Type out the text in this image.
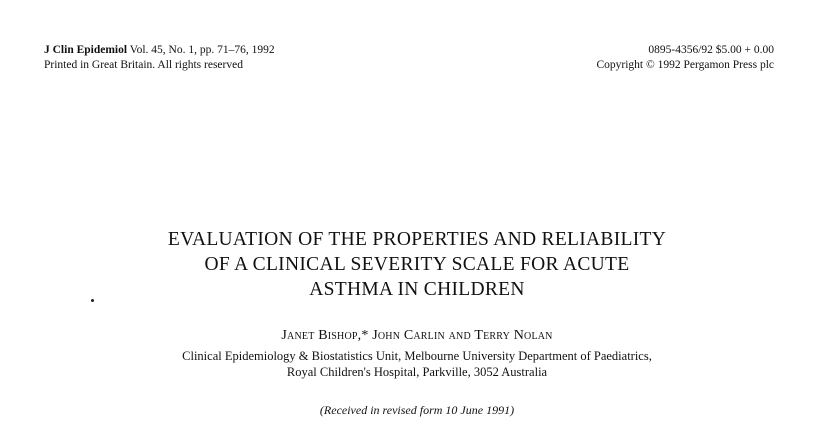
J Clin Epidemiol Vol. 45, No. 1, pp. 71–76, 1992
Printed in Great Britain. All rights reserved
0895-4356/92 $5.00 + 0.00
Copyright © 1992 Pergamon Press plc
EVALUATION OF THE PROPERTIES AND RELIABILITY
OF A CLINICAL SEVERITY SCALE FOR ACUTE
ASTHMA IN CHILDREN
Janet Bishop,* John Carlin and Terry Nolan
Clinical Epidemiology & Biostatistics Unit, Melbourne University Department of Paediatrics,
Royal Children's Hospital, Parkville, 3052 Australia
(Received in revised form 10 June 1991)
